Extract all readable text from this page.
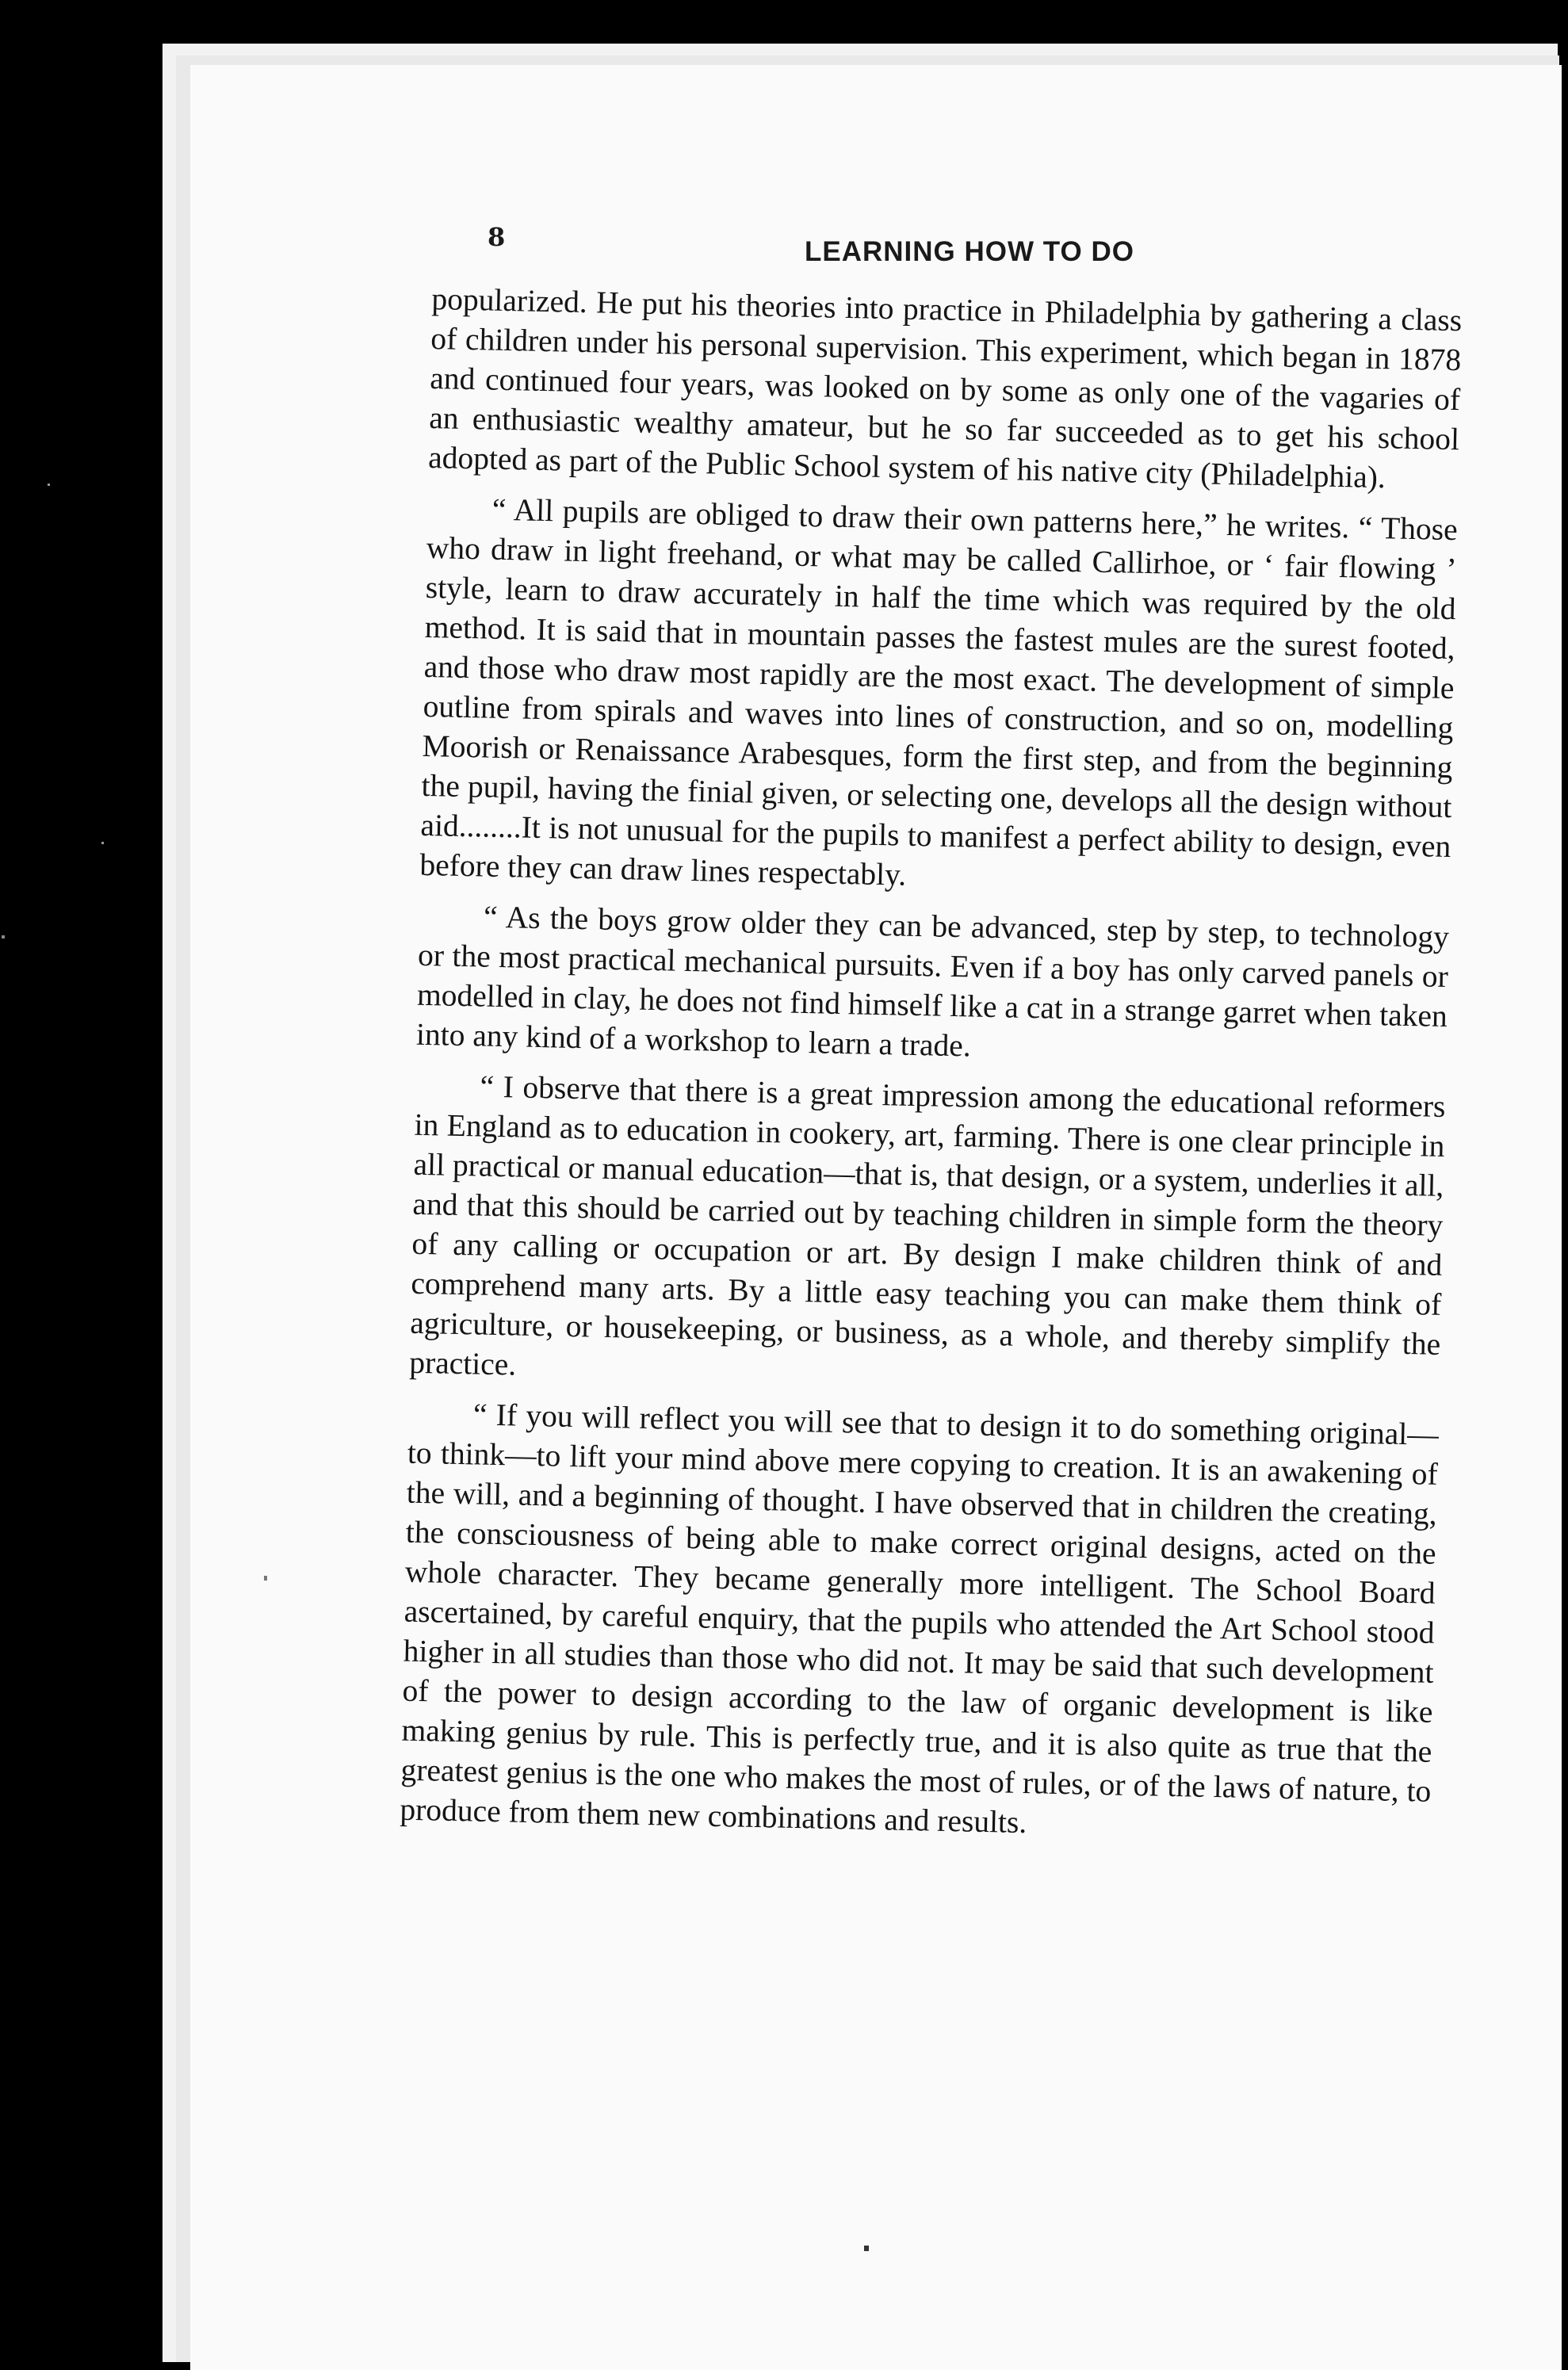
8	LEARNING HOW TO DO

popularized. He put his theories into practice in Philadelphia by gathering a class of children under his personal supervision. This experiment, which began in 1878 and continued four years, was looked on by some as only one of the vagaries of an enthusiastic wealthy amateur, but he so far succeeded as to get his school adopted as part of the Public School system of his native city (Philadelphia).

“ All pupils are obliged to draw their own patterns here,” he writes. “ Those who draw in light freehand, or what may be called Callirhoe, or ‘ fair flowing ’ style, learn to draw accurately in half the time which was required by the old method. It is said that in mountain passes the fastest mules are the surest footed, and those who draw most rapidly are the most exact. The development of simple outline from spirals and waves into lines of construction, and so on, modelling Moorish or Renaissance Arabesques, form the first step, and from the beginning the pupil, having the finial given, or selecting one, develops all the design without aid........It is not unusual for the pupils to manifest a perfect ability to design, even before they can draw lines respectably.

“ As the boys grow older they can be advanced, step by step, to technology or the most practical mechanical pursuits. Even if a boy has only carved panels or modelled in clay, he does not find himself like a cat in a strange garret when taken into any kind of a workshop to learn a trade.

“ I observe that there is a great impression among the educational reformers in England as to education in cookery, art, farming. There is one clear principle in all practical or manual education—that is, that design, or a system, underlies it all, and that this should be carried out by teaching children in simple form the theory of any calling or occupation or art. By design I make children think of and comprehend many arts. By a little easy teaching you can make them think of agriculture, or housekeeping, or business, as a whole, and thereby simplify the practice.

“ If you will reflect you will see that to design it to do something original—to think—to lift your mind above mere copying to creation. It is an awakening of the will, and a beginning of thought. I have observed that in children the creating, the consciousness of being able to make correct original designs, acted on the whole character. They became generally more intelligent. The School Board ascertained, by careful enquiry, that the pupils who attended the Art School stood higher in all studies than those who did not. It may be said that such development of the power to design according to the law of organic development is like making genius by rule. This is perfectly true, and it is also quite as true that the greatest genius is the one who makes the most of rules, or of the laws of nature, to produce from them new combinations and results.
